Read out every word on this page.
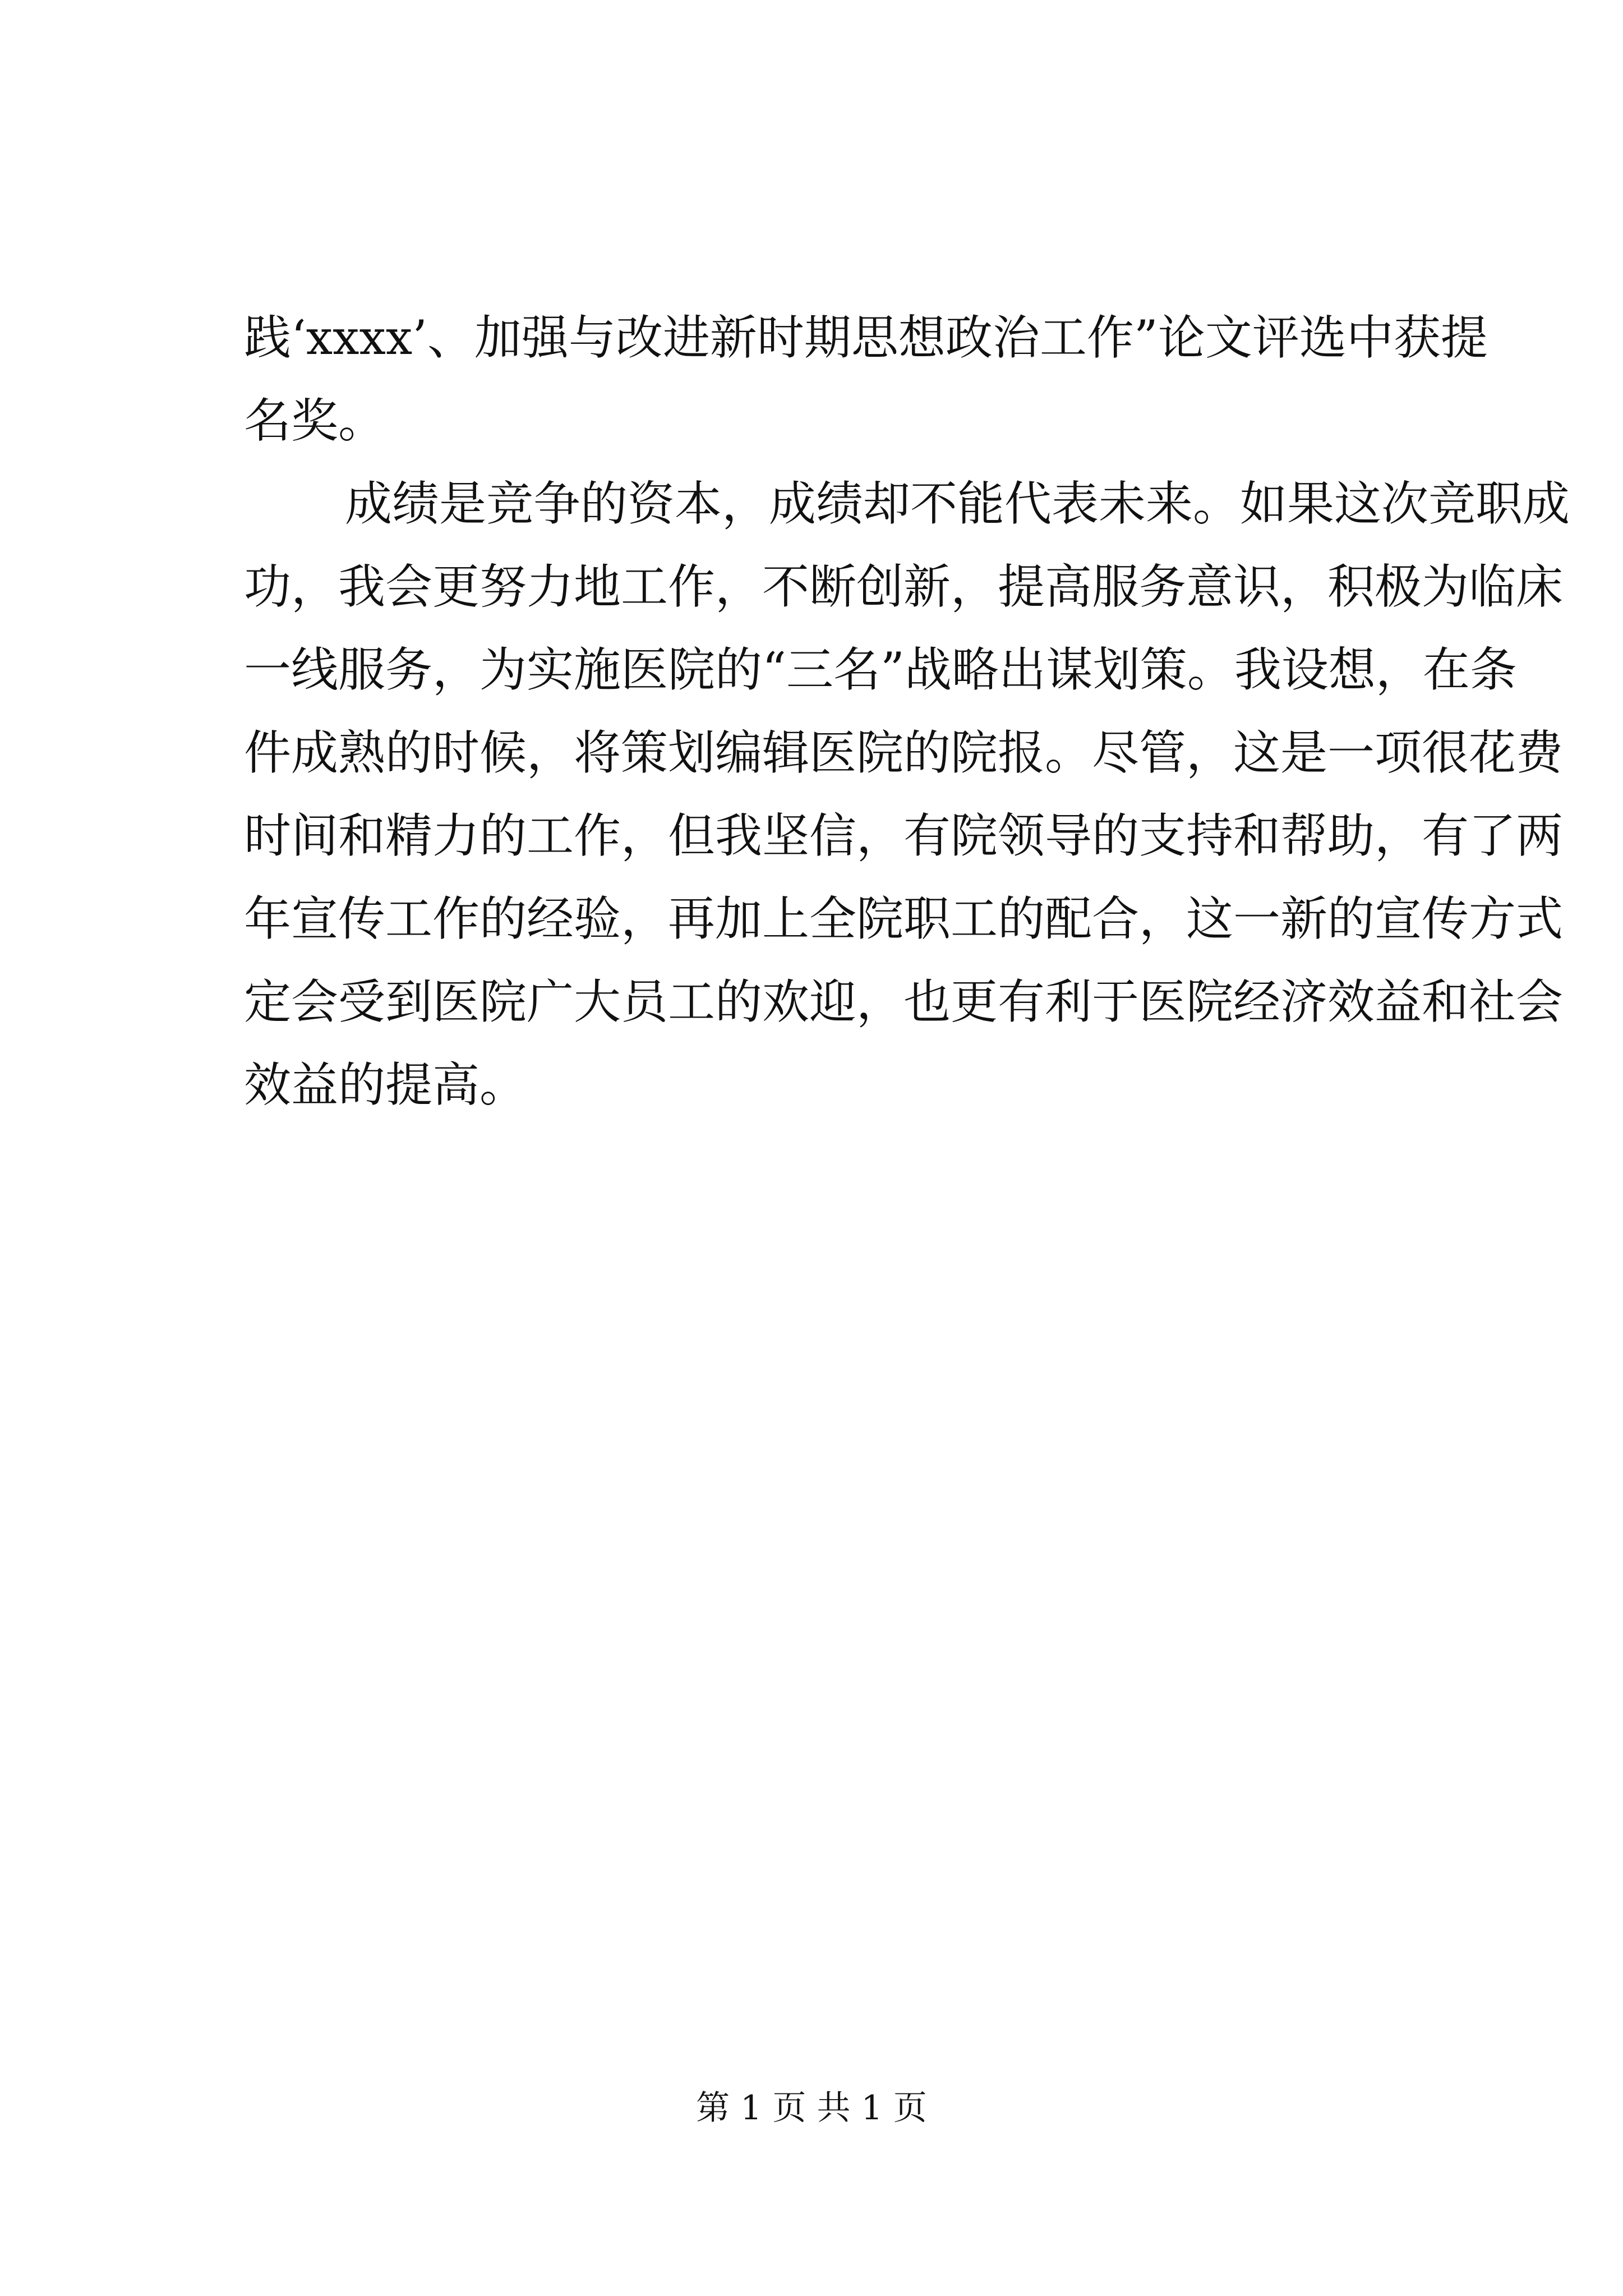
践‘xxxx’、加强与改进新时期思想政治工作”论文评选中获提
名奖。
成绩是竞争的资本，成绩却不能代表未来。如果这次竞职成
功，我会更努力地工作，不断创新，提高服务意识，积极为临床
一线服务，为实施医院的“三名”战略出谋划策。我设想，在条
件成熟的时候，将策划编辑医院的院报。尽管，这是一项很花费
时间和精力的工作，但我坚信，有院领导的支持和帮助，有了两
年宣传工作的经验，再加上全院职工的配合，这一新的宣传方式
定会受到医院广大员工的欢迎，也更有利于医院经济效益和社会
效益的提高。
第 1 页 共 1 页
